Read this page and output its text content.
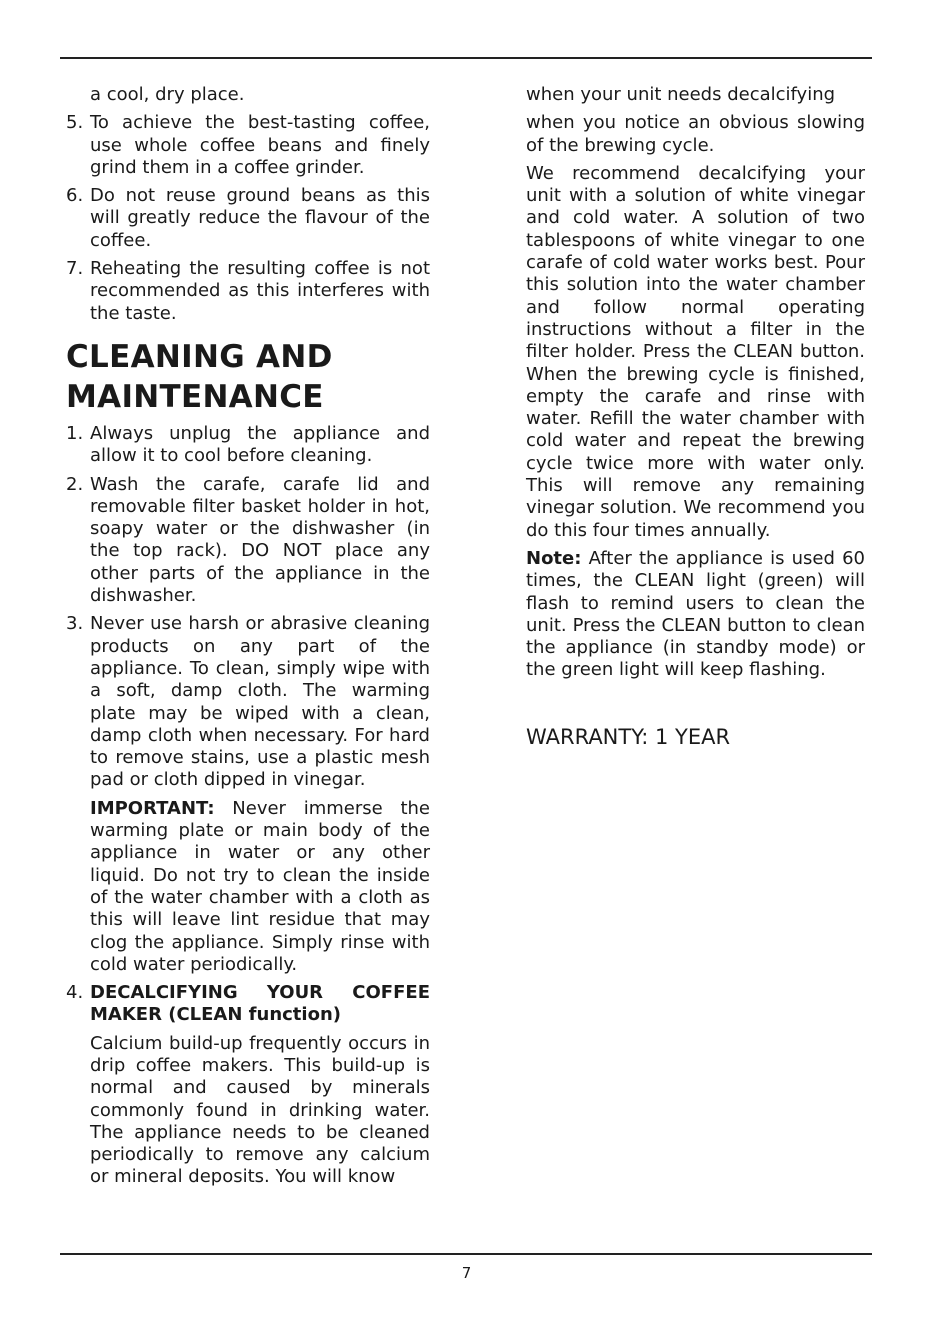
a cool, dry place.

5. To achieve the best-tasting coffee, use whole coffee beans and finely grind them in a coffee grinder.
6. Do not reuse ground beans as this will greatly reduce the flavour of the coffee.
7. Reheating the resulting coffee is not recommended as this interferes with the taste.
CLEANING AND
MAINTENANCE
1. Always unplug the appliance and allow it to cool before cleaning.
2. Wash the carafe, carafe lid and removable filter basket holder in hot, soapy water or the dishwasher (in the top rack). DO NOT place any other parts of the appliance in the dishwasher.
3. Never use harsh or abrasive cleaning products on any part of the appliance. To clean, simply wipe with a soft, damp cloth. The warming plate may be wiped with a clean, damp cloth when necessary. For hard to remove stains, use a plastic mesh pad or cloth dipped in vinegar.

IMPORTANT: Never immerse the warming plate or main body of the appliance in water or any other liquid. Do not try to clean the inside of the water chamber with a cloth as this will leave lint residue that may clog the appliance. Simply rinse with cold water periodically.

4. DECALCIFYING YOUR COFFEE MAKER (CLEAN function)

Calcium build-up frequently occurs in drip coffee makers. This build-up is normal and caused by minerals commonly found in drinking water. The appliance needs to be cleaned periodically to remove any calcium or mineral deposits. You will know

when your unit needs decalcifying

when you notice an obvious slowing of the brewing cycle.

We recommend decalcifying your unit with a solution of white vinegar and cold water. A solution of two tablespoons of white vinegar to one carafe of cold water works best. Pour this solution into the water chamber and follow normal operating instructions without a filter in the filter holder. Press the CLEAN button. When the brewing cycle is finished, empty the carafe and rinse with water. Refill the water chamber with cold water and repeat the brewing cycle twice more with water only. This will remove any remaining vinegar solution. We recommend you do this four times annually.

Note: After the appliance is used 60 times, the CLEAN light (green) will flash to remind users to clean the unit. Press the CLEAN button to clean the appliance (in standby mode) or the green light will keep flashing.

WARRANTY: 1 YEAR

7
